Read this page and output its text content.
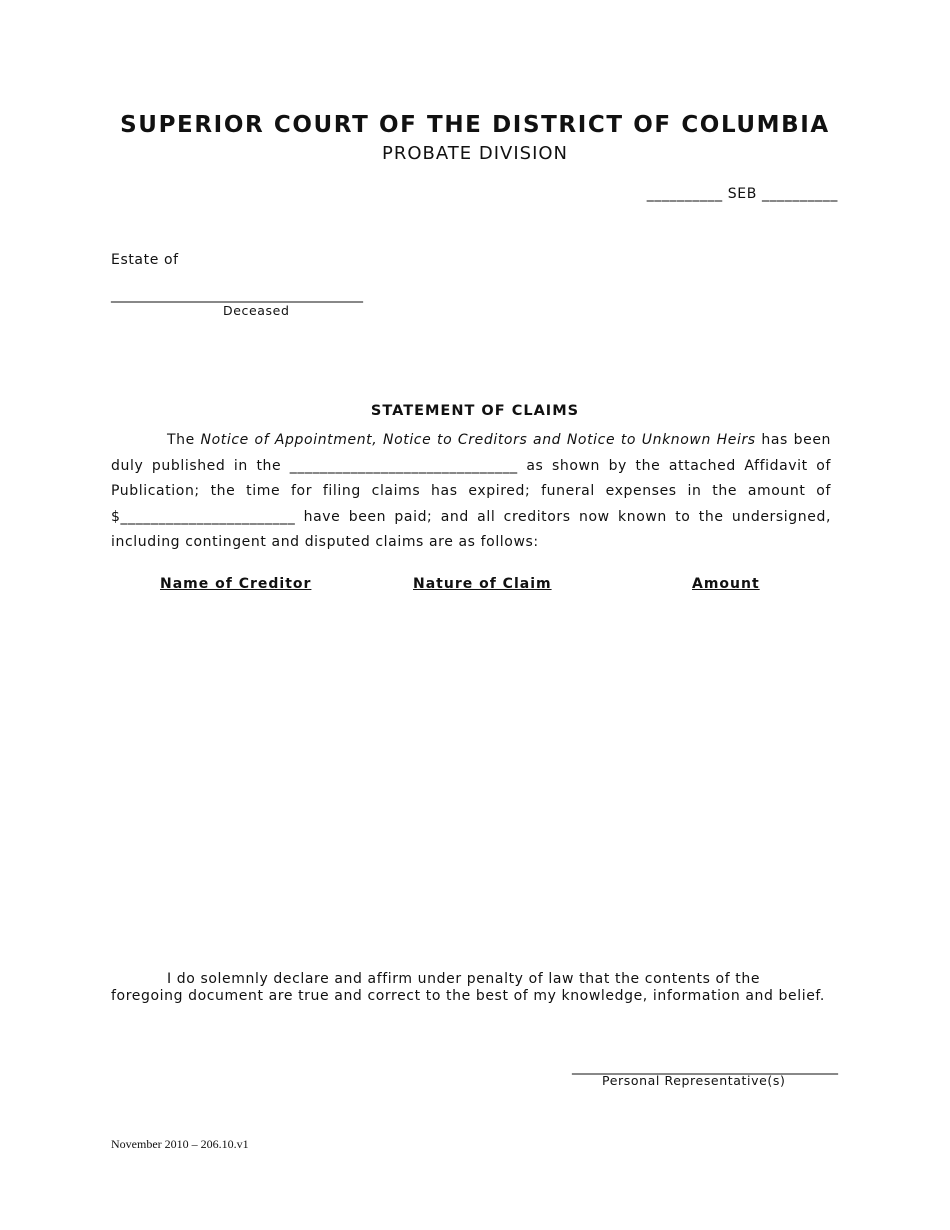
SUPERIOR COURT OF THE DISTRICT OF COLUMBIA
PROBATE DIVISION
__________ SEB __________
Estate of
____________________________________
Deceased
STATEMENT OF CLAIMS
The Notice of Appointment, Notice to Creditors and Notice to Unknown Heirs has been duly published in the ______________________________ as shown by the attached Affidavit of Publication; the time for filing claims has expired; funeral expenses in the amount of $_______________________ have been paid; and all creditors now known to the undersigned, including contingent and disputed claims are as follows:
Name of Creditor	Nature of Claim	Amount
I do solemnly declare and affirm under penalty of law that the contents of the foregoing document are true and correct to the best of my knowledge, information and belief.
______________________________________
Personal Representative(s)
November 2010 – 206.10.v1
